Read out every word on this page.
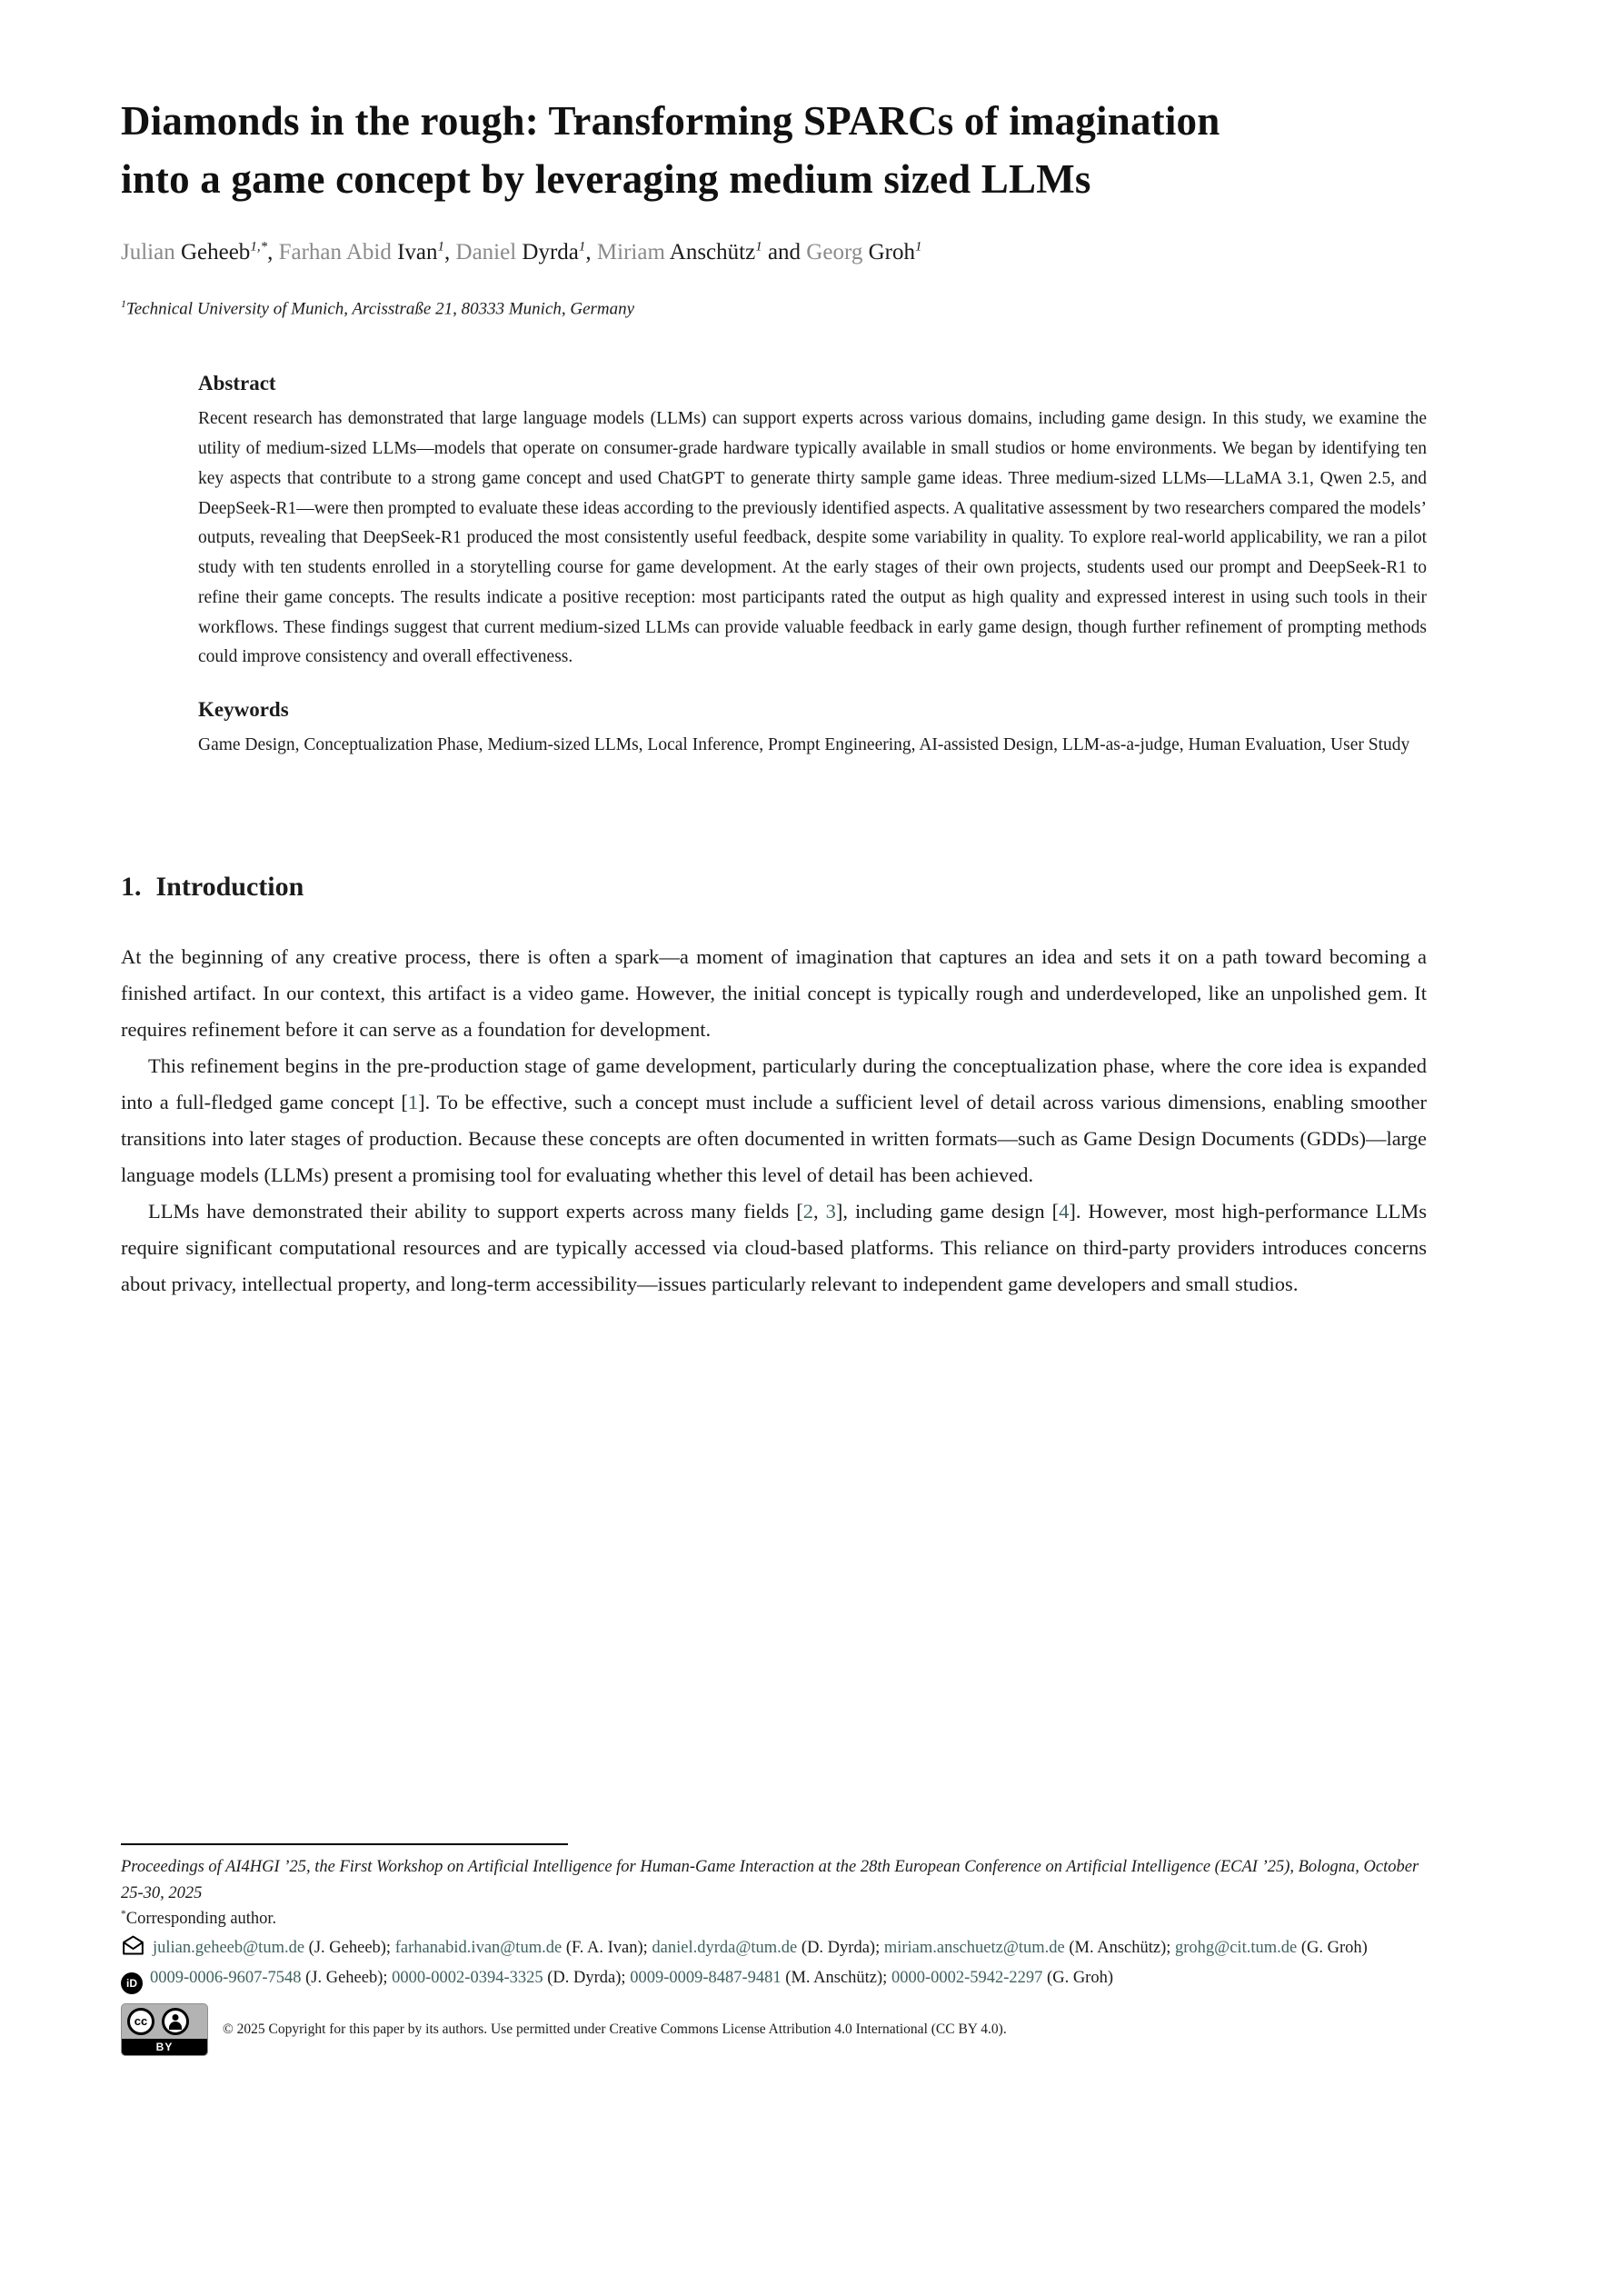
Diamonds in the rough: Transforming SPARCs of imagination into a game concept by leveraging medium sized LLMs
Julian Geheeb$^{1,*}$, Farhan Abid Ivan$^1$, Daniel Dyrda$^1$, Miriam Anschütz$^1$ and Georg Groh$^1$
$^1$Technical University of Munich, Arcisstraße 21, 80333 Munich, Germany
Abstract

Recent research has demonstrated that large language models (LLMs) can support experts across various domains, including game design. In this study, we examine the utility of medium-sized LLMs—models that operate on consumer-grade hardware typically available in small studios or home environments. We began by identifying ten key aspects that contribute to a strong game concept and used ChatGPT to generate thirty sample game ideas. Three medium-sized LLMs—LLaMA 3.1, Qwen 2.5, and DeepSeek-R1—were then prompted to evaluate these ideas according to the previously identified aspects. A qualitative assessment by two researchers compared the models’ outputs, revealing that DeepSeek-R1 produced the most consistently useful feedback, despite some variability in quality. To explore real-world applicability, we ran a pilot study with ten students enrolled in a storytelling course for game development. At the early stages of their own projects, students used our prompt and DeepSeek-R1 to refine their game concepts. The results indicate a positive reception: most participants rated the output as high quality and expressed interest in using such tools in their workflows. These findings suggest that current medium-sized LLMs can provide valuable feedback in early game design, though further refinement of prompting methods could improve consistency and overall effectiveness.

Keywords

Game Design, Conceptualization Phase, Medium-sized LLMs, Local Inference, Prompt Engineering, AI-assisted Design, LLM-as-a-judge, Human Evaluation, User Study

1. Introduction

At the beginning of any creative process, there is often a spark—a moment of imagination that captures an idea and sets it on a path toward becoming a finished artifact. In our context, this artifact is a video game. However, the initial concept is typically rough and underdeveloped, like an unpolished gem. It requires refinement before it can serve as a foundation for development.

This refinement begins in the pre-production stage of game development, particularly during the conceptualization phase, where the core idea is expanded into a full-fledged game concept [1]. To be effective, such a concept must include a sufficient level of detail across various dimensions, enabling smoother transitions into later stages of production. Because these concepts are often documented in written formats—such as Game Design Documents (GDDs)—large language models (LLMs) present a promising tool for evaluating whether this level of detail has been achieved.

LLMs have demonstrated their ability to support experts across many fields [2, 3], including game design [4]. However, most high-performance LLMs require significant computational resources and are typically accessed via cloud-based platforms. This reliance on third-party providers introduces concerns about privacy, intellectual property, and long-term accessibility—issues particularly relevant to independent game developers and small studios.

Proceedings of AI4HGI ’25, the First Workshop on Artificial Intelligence for Human-Game Interaction at the 28th European Conference on Artificial Intelligence (ECAI ’25), Bologna, October 25-30, 2025

*Corresponding author.

julian.geheeb@tum.de (J. Geheeb); farhanabid.ivan@tum.de (F. A. Ivan); daniel.dyrda@tum.de (D. Dyrda); miriam.anschuetz@tum.de (M. Anschütz); grohg@cit.tum.de (G. Groh)

iD 0009-0006-9607-7548 (J. Geheeb); 0000-0002-0394-3325 (D. Dyrda); 0009-0009-8487-9481 (M. Anschütz); 0000-0002-5942-2297 (G. Groh)

cc
BY
© 2025 Copyright for this paper by its authors. Use permitted under Creative Commons License Attribution 4.0 International (CC BY 4.0).
